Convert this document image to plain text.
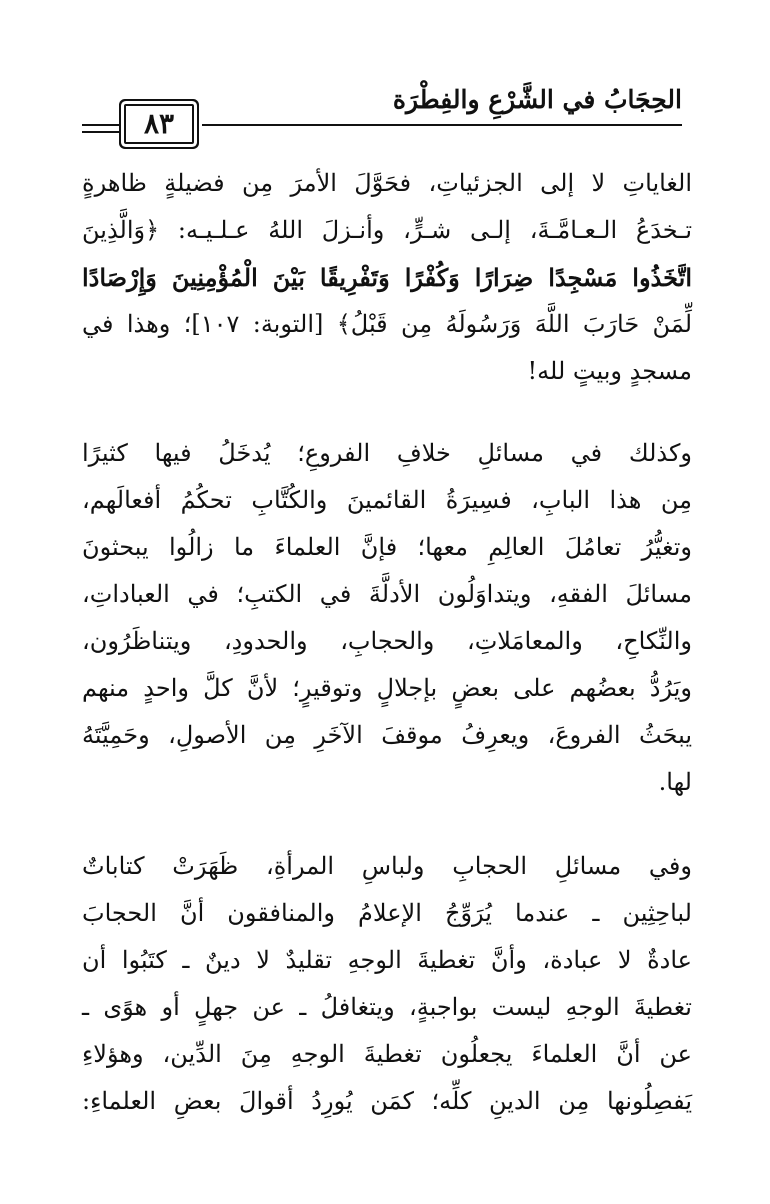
الحِجَابُ في الشَّرْعِ والفِطْرَة
٨٣
الغاياتِ لا إلى الجزئياتِ، فحَوَّلَ الأمرَ مِن فضيلةٍ ظاهرةٍ
تـخدَعُ الـعـامَّـةَ، إلـى شـرٍّ، وأنـزلَ اللهُ عـلـيـه: ﴿وَالَّذِينَ
اتَّخَذُوا مَسْجِدًا ضِرَارًا وَكُفْرًا وَتَفْرِيقًا بَيْنَ الْمُؤْمِنِينَ وَإِرْصَادًا
لِّمَنْ حَارَبَ اللَّهَ وَرَسُولَهُ مِن قَبْلُ﴾ [التوبة: ١٠٧]؛ وهذا في
مسجدٍ وبيتٍ لله!
وكذلك في مسائلِ خلافِ الفروعِ؛ يُدخَلُ فيها كثيرًا
مِن هذا البابِ، فسِيرَةُ القائمينَ والكُتَّابِ تحكُمُ أفعالَهم،
وتغيُّرُ تعامُلَ العالِمِ معها؛ فإنَّ العلماءَ ما زالُوا يبحثونَ
مسائلَ الفقهِ، ويتداوَلُون الأدلَّةَ في الكتبِ؛ في العباداتِ،
والنِّكاحِ، والمعامَلاتِ، والحجابِ، والحدودِ، ويتناظَرُون،
ويَرُدُّ بعضُهم على بعضٍ بإجلالٍ وتوقيرٍ؛ لأنَّ كلَّ واحدٍ منهم
يبحَثُ الفروعَ، ويعرِفُ موقفَ الآخَرِ مِن الأصولِ، وحَمِيَّتَهُ
لها.
وفي مسائلِ الحجابِ ولباسِ المرأةِ، ظَهَرَتْ كتاباتٌ
لباحِثِين ـ عندما يُرَوِّجُ الإعلامُ والمنافقون أنَّ الحجابَ
عادةٌ لا عبادة، وأنَّ تغطيةَ الوجهِ تقليدٌ لا دينٌ ـ كتَبُوا أن
تغطيةَ الوجهِ ليست بواجبةٍ، ويتغافلُ ـ عن جهلٍ أو هوًى ـ
عن أنَّ العلماءَ يجعلُون تغطيةَ الوجهِ مِنَ الدِّين، وهؤلاءِ
يَفصِلُونها مِن الدينِ كلِّه؛ كمَن يُورِدُ أقوالَ بعضِ العلماءِ:
